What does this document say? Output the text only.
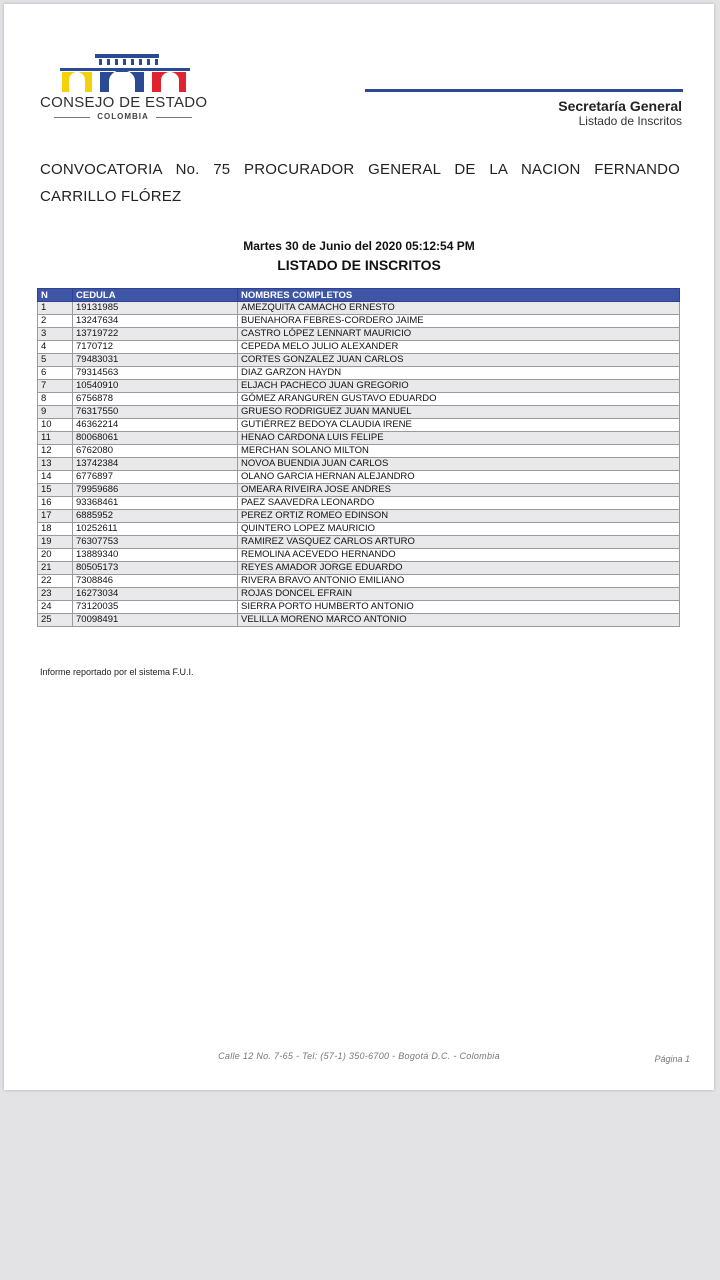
CONSEJO DE ESTADO
COLOMBIA
Secretaría General
Listado de Inscritos
CONVOCATORIA No. 75 PROCURADOR GENERAL DE LA NACION FERNANDO CARRILLO FLÓREZ
Martes 30 de Junio del 2020 05:12:54 PM
LISTADO DE INSCRITOS
N	CEDULA	NOMBRES COMPLETOS
1	19131985	AMEZQUITA CAMACHO ERNESTO
2	13247634	BUENAHORA FEBRES-CORDERO JAIME
3	13719722	CASTRO LÓPEZ LENNART MAURICIO
4	7170712	CEPEDA MELO JULIO ALEXANDER
5	79483031	CORTES GONZALEZ JUAN CARLOS
6	79314563	DIAZ GARZON HAYDN
7	10540910	ELJACH PACHECO JUAN GREGORIO
8	6756878	GÓMEZ ARANGUREN GUSTAVO EDUARDO
9	76317550	GRUESO RODRIGUEZ JUAN MANUEL
10	46362214	GUTIÉRREZ BEDOYA CLAUDIA IRENE
11	80068061	HENAO CARDONA LUIS FELIPE
12	6762080	MERCHAN SOLANO MILTON
13	13742384	NOVOA BUENDIA JUAN CARLOS
14	6776897	OLANO GARCIA HERNAN ALEJANDRO
15	79959686	OMEARA RIVEIRA JOSE ANDRES
16	93368461	PAEZ SAAVEDRA LEONARDO
17	6885952	PEREZ ORTIZ ROMEO EDINSON
18	10252611	QUINTERO LOPEZ MAURICIO
19	76307753	RAMIREZ VASQUEZ CARLOS ARTURO
20	13889340	REMOLINA ACEVEDO HERNANDO
21	80505173	REYES AMADOR JORGE EDUARDO
22	7308846	RIVERA BRAVO ANTONIO EMILIANO
23	16273034	ROJAS DONCEL EFRAIN
24	73120035	SIERRA PORTO HUMBERTO ANTONIO
25	70098491	VELILLA MORENO MARCO ANTONIO
Informe reportado por el sistema F.U.I.
Calle 12 No. 7-65 - Tel: (57-1) 350-6700 - Bogotá D.C. - Colombia	Página 1
